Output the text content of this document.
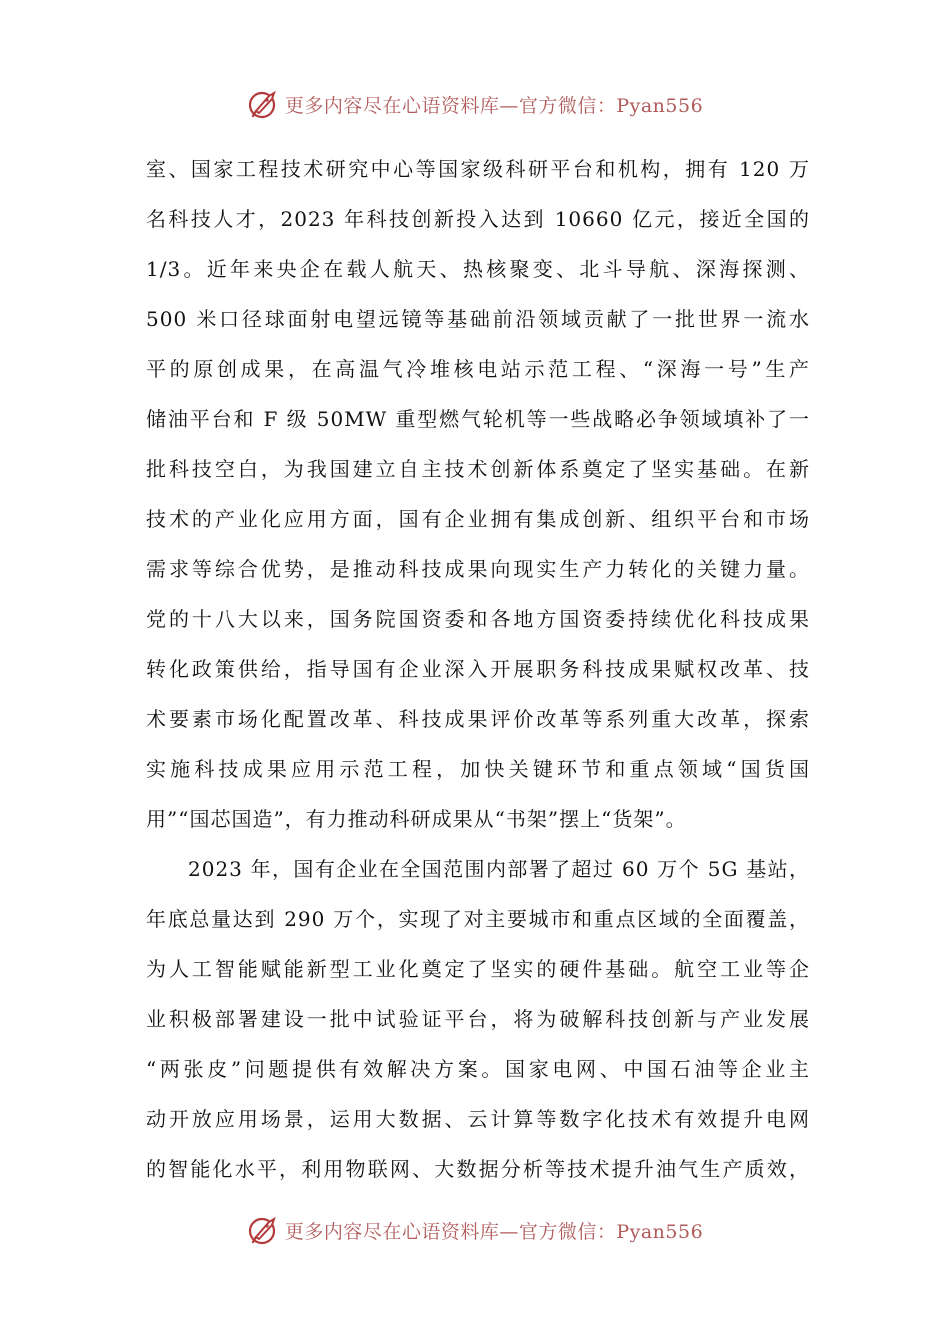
更多内容尽在心语资料库—官方微信：Pyan556
室、国家工程技术研究中心等国家级科研平台和机构，拥有 120 万
名科技人才，2023 年科技创新投入达到 10660 亿元，接近全国的
1/3。近年来央企在载人航天、热核聚变、北斗导航、深海探测、
500 米口径球面射电望远镜等基础前沿领域贡献了一批世界一流水
平的原创成果，在高温气冷堆核电站示范工程、“深海一号”生产
储油平台和 F 级 50MW 重型燃气轮机等一些战略必争领域填补了一
批科技空白，为我国建立自主技术创新体系奠定了坚实基础。在新
技术的产业化应用方面，国有企业拥有集成创新、组织平台和市场
需求等综合优势，是推动科技成果向现实生产力转化的关键力量。
党的十八大以来，国务院国资委和各地方国资委持续优化科技成果
转化政策供给，指导国有企业深入开展职务科技成果赋权改革、技
术要素市场化配置改革、科技成果评价改革等系列重大改革，探索
实施科技成果应用示范工程，加快关键环节和重点领域“国货国
用”“国芯国造”，有力推动科研成果从“书架”摆上“货架”。
2023 年，国有企业在全国范围内部署了超过 60 万个 5G 基站，
年底总量达到 290 万个，实现了对主要城市和重点区域的全面覆盖，
为人工智能赋能新型工业化奠定了坚实的硬件基础。航空工业等企
业积极部署建设一批中试验证平台，将为破解科技创新与产业发展
“两张皮”问题提供有效解决方案。国家电网、中国石油等企业主
动开放应用场景，运用大数据、云计算等数字化技术有效提升电网
的智能化水平，利用物联网、大数据分析等技术提升油气生产质效，
更多内容尽在心语资料库—官方微信：Pyan556
